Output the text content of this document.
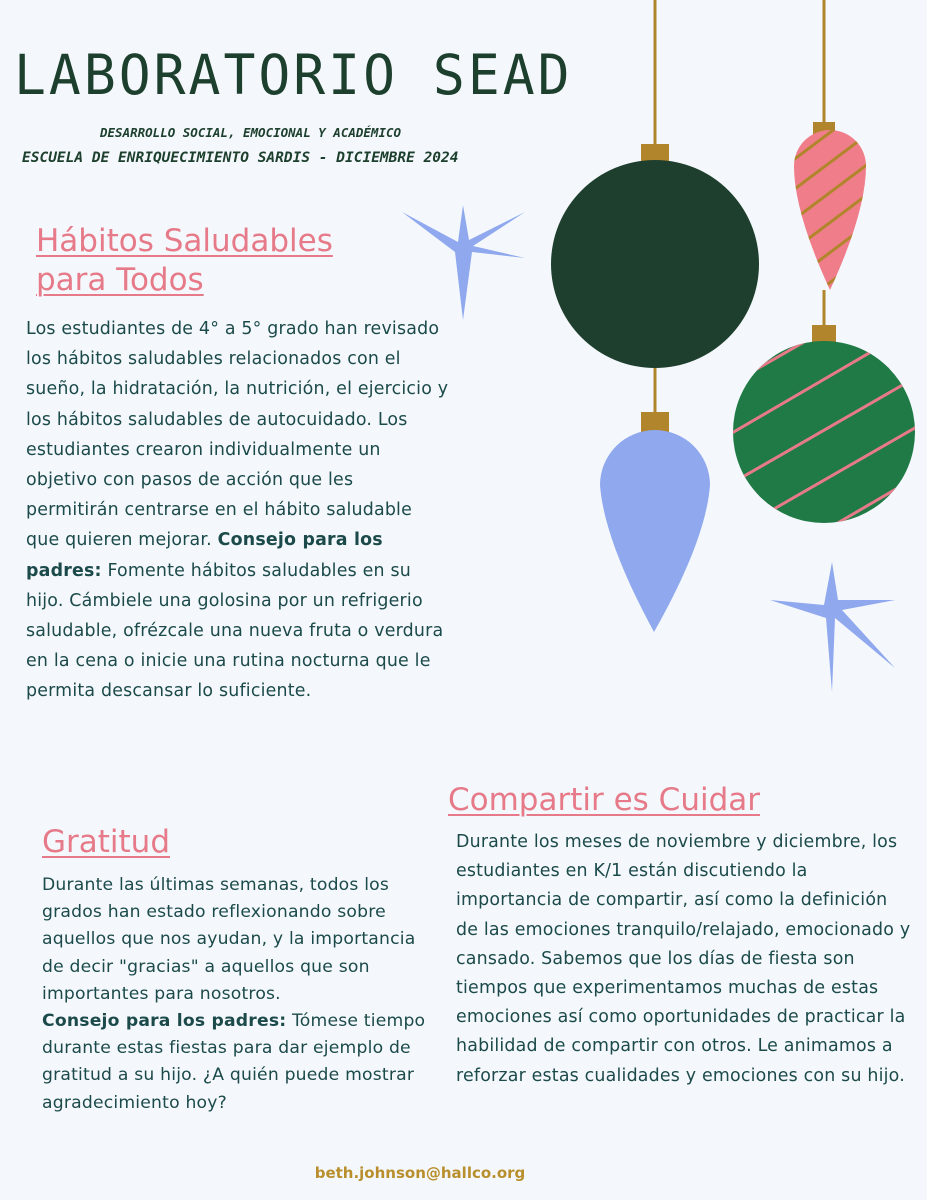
LABORATORIO SEAD
DESARROLLO SOCIAL, EMOCIONAL Y ACADÉMICO
ESCUELA DE ENRIQUECIMIENTO SARDIS - DICIEMBRE 2024
Hábitos Saludables para Todos
Los estudiantes de 4° a 5° grado han revisado los hábitos saludables relacionados con el sueño, la hidratación, la nutrición, el ejercicio y los hábitos saludables de autocuidado. Los estudiantes crearon individualmente un objetivo con pasos de acción que les permitirán centrarse en el hábito saludable que quieren mejorar. Consejo para los padres: Fomente hábitos saludables en su hijo. Cámbiele una golosina por un refrigerio saludable, ofrézcale una nueva fruta o verdura en la cena o inicie una rutina nocturna que le permita descansar lo suficiente.
Gratitud
Durante las últimas semanas, todos los grados han estado reflexionando sobre aquellos que nos ayudan, y la importancia de decir "gracias" a aquellos que son importantes para nosotros.
Consejo para los padres: Tómese tiempo durante estas fiestas para dar ejemplo de gratitud a su hijo. ¿A quién puede mostrar agradecimiento hoy?
Compartir es Cuidar
Durante los meses de noviembre y diciembre, los estudiantes en K/1 están discutiendo la importancia de compartir, así como la definición de las emociones tranquilo/relajado, emocionado y cansado. Sabemos que los días de fiesta son tiempos que experimentamos muchas de estas emociones así como oportunidades de practicar la habilidad de compartir con otros. Le animamos a reforzar estas cualidades y emociones con su hijo.
beth.johnson@hallco.org
